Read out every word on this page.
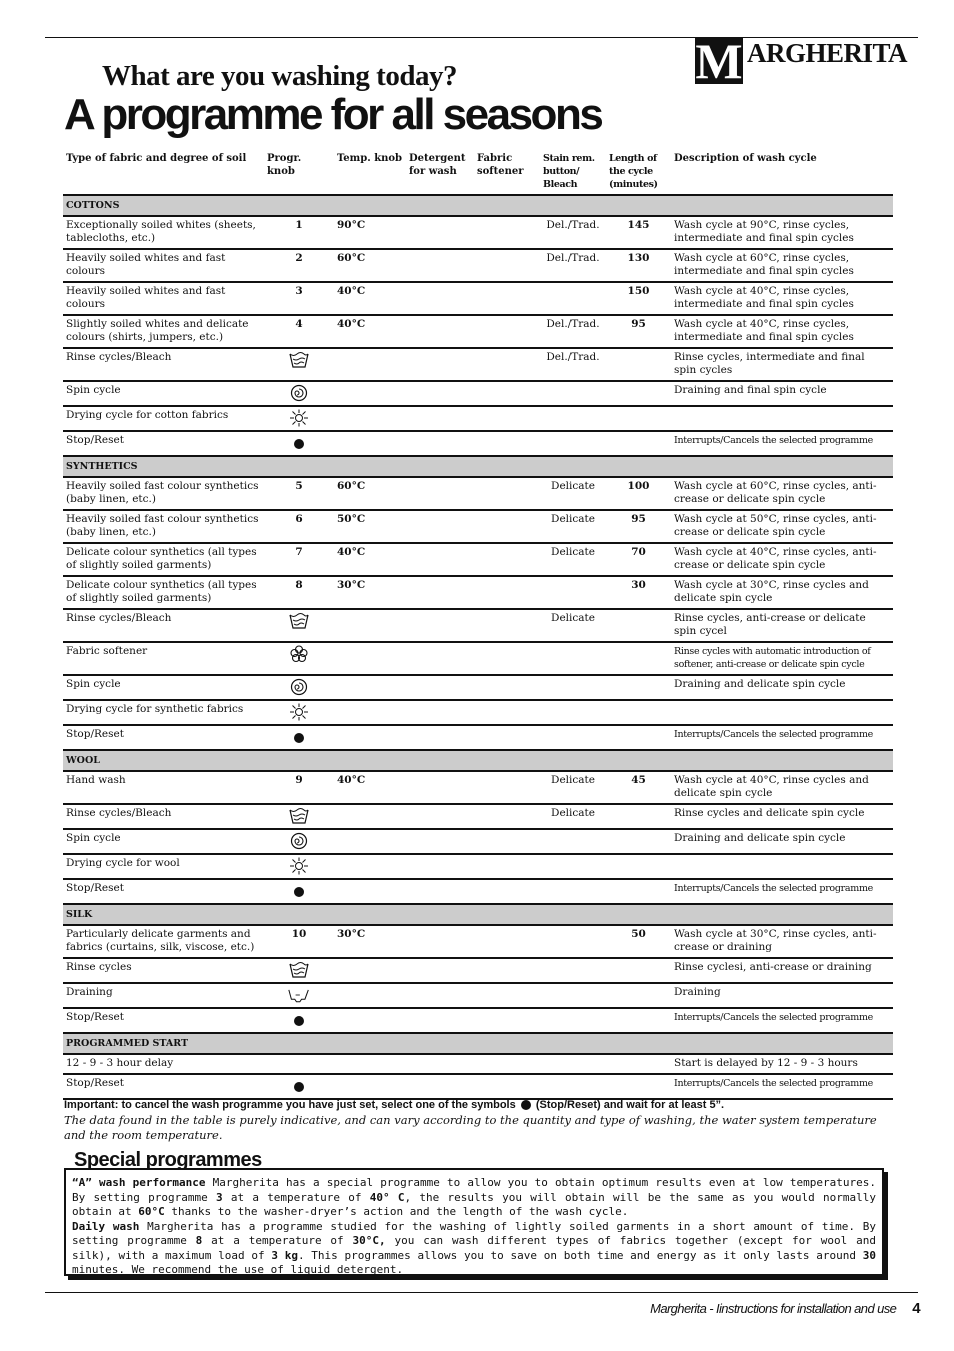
M ARGHERITA
What are you washing today?
A programme for all seasons
Type of fabric and degree of soil	Progr. knob	Temp. knob	Detergent for wash	Fabric softener	Stain rem. button/ Bleach	Length of the cycle (minutes)	Description of wash cycle
COTTONS							
Exceptionally soiled whites (sheets, tablecloths, etc.)	1	90°C			Del./Trad.	145	Wash cycle at 90°C, rinse cycles, intermediate and final spin cycles
Heavily soiled whites and fast colours	2	60°C			Del./Trad.	130	Wash cycle at 60°C, rinse cycles, intermediate and final spin cycles
Heavily soiled whites and fast colours	3	40°C				150	Wash cycle at 40°C, rinse cycles, intermediate and final spin cycles
Slightly soiled whites and delicate colours (shirts, jumpers, etc.)	4	40°C			Del./Trad.	95	Wash cycle at 40°C, rinse cycles, intermediate and final spin cycles
Rinse cycles/Bleach					Del./Trad.		Rinse cycles, intermediate and final spin cycles
Spin cycle							Draining and final spin cycle
Drying cycle for cotton fabrics							
Stop/Reset							Interrupts/Cancels the selected programme
SYNTHETICS							
Heavily soiled fast colour synthetics (baby linen, etc.)	5	60°C			Delicate	100	Wash cycle at 60°C, rinse cycles, anti-crease or delicate spin cycle
Heavily soiled fast colour synthetics (baby linen, etc.)	6	50°C			Delicate	95	Wash cycle at 50°C, rinse cycles, anti-crease or delicate spin cycle
Delicate colour synthetics (all types of slightly soiled garments)	7	40°C			Delicate	70	Wash cycle at 40°C, rinse cycles, anti-crease or delicate spin cycle
Delicate colour synthetics (all types of slightly soiled garments)	8	30°C				30	Wash cycle at 30°C, rinse cycles and delicate spin cycle
Rinse cycles/Bleach					Delicate		Rinse cycles, anti-crease or delicate spin cycel
Fabric softener							Rinse cycles with automatic introduction of softener, anti-crease or delicate spin cycle
Spin cycle							Draining and delicate spin cycle
Drying cycle for synthetic fabrics							
Stop/Reset							Interrupts/Cancels the selected programme
WOOL							
Hand wash	9	40°C			Delicate	45	Wash cycle at 40°C, rinse cycles and delicate spin cycle
Rinse cycles/Bleach					Delicate		Rinse cycles and delicate spin cycle
Spin cycle							Draining and delicate spin cycle
Drying cycle for wool							
Stop/Reset							Interrupts/Cancels the selected programme
SILK							
Particularly delicate garments and fabrics (curtains, silk, viscose, etc.)	10	30°C				50	Wash cycle at 30°C, rinse cycles, anti-crease or draining
Rinse cycles							Rinse cyclesi, anti-crease or draining
Draining							Draining
Stop/Reset							Interrupts/Cancels the selected programme
PROGRAMMED START							
12 - 9 - 3 hour delay							Start is delayed by 12 - 9 - 3 hours
Stop/Reset							Interrupts/Cancels the selected programme
Important: to cancel the wash programme you have just set, select one of the symbols (Stop/Reset) and wait for at least 5”.
The data found in the table is purely indicative, and can vary according to the quantity and type of washing, the water system temperature and the room temperature.
Special programmes
“A” wash performance Margherita has a special programme to allow you to obtain optimum results even at low temperatures. By setting programme 3 at a temperature of 40° C, the results you will obtain will be the same as you would normally obtain at 60°C thanks to the washer-dryer’s action and the length of the wash cycle.
Daily wash Margherita has a programme studied for the washing of lightly soiled garments in a short amount of time. By setting programme 8 at a temperature of 30°C, you can wash different types of fabrics together (except for wool and silk), with a maximum load of 3 kg. This programmes allows you to save on both time and energy as it only lasts around 30 minutes. We recommend the use of liquid detergent.
Margherita - Iinstructions for installation and use 4
